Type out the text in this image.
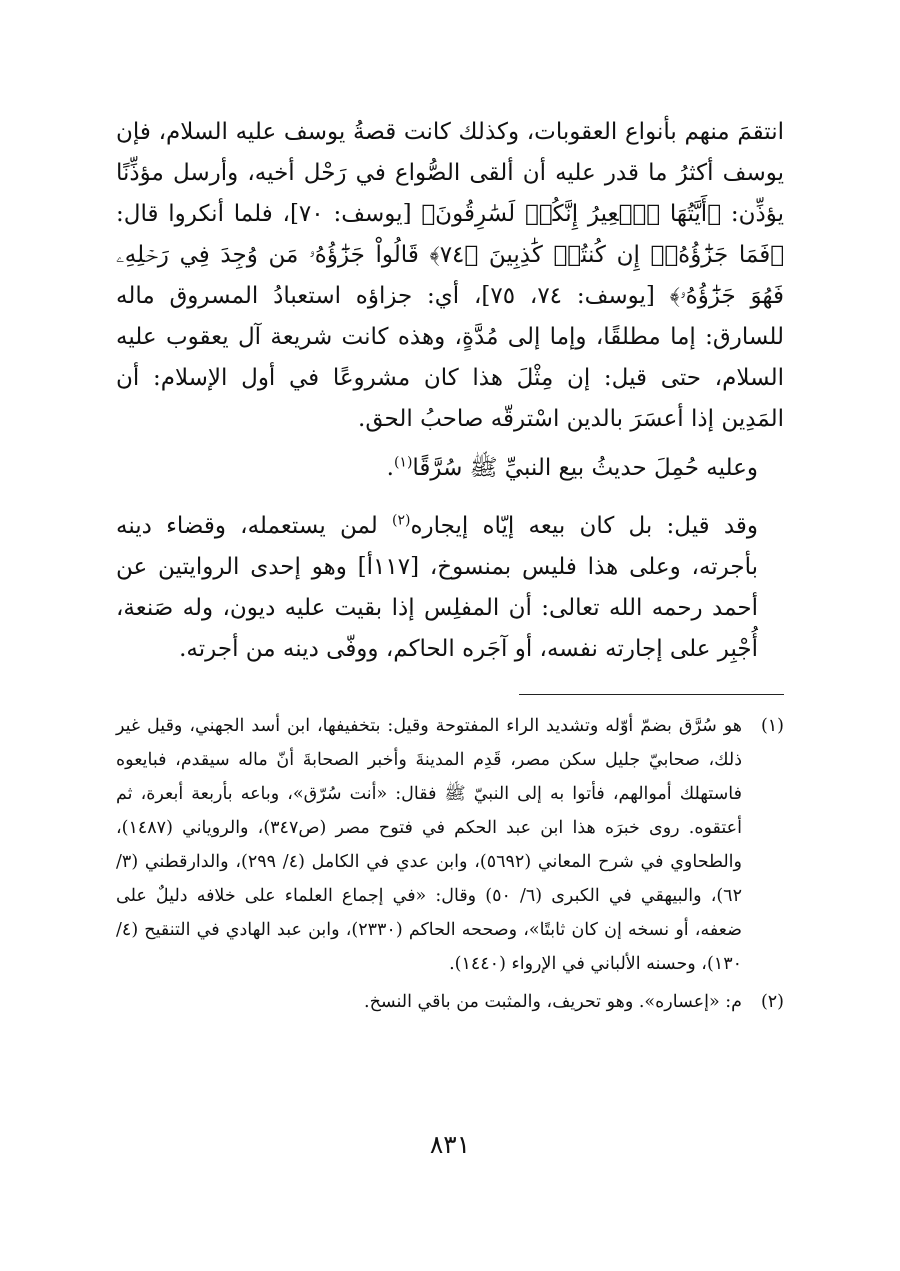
انتقمَ منهم بأنواع العقوبات، وكذلك كانت قصةُ يوسف عليه السلام، فإن يوسف أكثرُ ما قدر عليه أن ألقى الصُّواع في رَحْل أخيه، وأرسل مؤذِّنًا يؤذِّن: ﴿أَيَّتُهَا ٱلۡعِيرُ إِنَّكُمۡ لَسَٰرِقُونَ﴾ [يوسف: ٧٠]، فلما أنكروا قال: ﴿فَمَا جَزَٰٓؤُهُۥٓ إِن كُنتُمۡ كَٰذِبِينَ ﴿٧٤﴾ قَالُواْ جَزَٰٓؤُهُۥ مَن وُجِدَ فِي رَحۡلِهِۦ فَهُوَ جَزَٰٓؤُهُۥ﴾ [يوسف: ٧٤، ٧٥]، أي: جزاؤه استعبادُ المسروق ماله للسارق: إما مطلقًا، وإما إلى مُدَّةٍ، وهذه كانت شريعة آل يعقوب عليه السلام، حتى قيل: إن مِثْلَ هذا كان مشروعًا في أول الإسلام: أن المَدِين إذا أعسَرَ بالدين اسْترقّه صاحبُ الحق.

وعليه حُمِلَ حديثُ بيع النبيِّ ﷺ سُرَّقًا$^{(١)}$.

وقد قيل: بل كان بيعه إيّاه إيجاره$^{(٢)}$ لمن يستعمله، وقضاء دينه بأجرته، وعلى هذا فليس بمنسوخ، [١١٧أ] وهو إحدى الروايتين عن أحمد رحمه الله تعالى: أن المفلِس إذا بقيت عليه ديون، وله صَنعة، أُجْبِر على إجارته نفسه، أو آجَره الحاكم، ووفّى دينه من أجرته.

(١)
هو سُرَّق بضمّ أوّله وتشديد الراء المفتوحة وقيل: بتخفيفها، ابن أسد الجهني، وقيل غير ذلك، صحابيّ جليل سكن مصر، قَدِم المدينةَ وأخبر الصحابةَ أنّ ماله سيقدم، فبايعوه فاستهلك أموالهم، فأتوا به إلى النبيّ ﷺ فقال: «أنت سُرّق»، وباعه بأربعة أبعرة، ثم أعتقوه. روى خبرَه هذا ابن عبد الحكم في فتوح مصر (ص٣٤٧)، والروياني (١٤٨٧)، والطحاوي في شرح المعاني (٥٦٩٢)، وابن عدي في الكامل (٤/ ٢٩٩)، والدارقطني (٣/ ٦٢)، والبيهقي في الكبرى (٦/ ٥٠) وقال: «في إجماع العلماء على خلافه دليلٌ على ضعفه، أو نسخه إن كان ثابتًا»، وصححه الحاكم (٢٣٣٠)، وابن عبد الهادي في التنقيح (٤/ ١٣٠)، وحسنه الألباني في الإرواء (١٤٤٠).
(٢)
م: «إعساره». وهو تحريف، والمثبت من باقي النسخ.
٨٣١
